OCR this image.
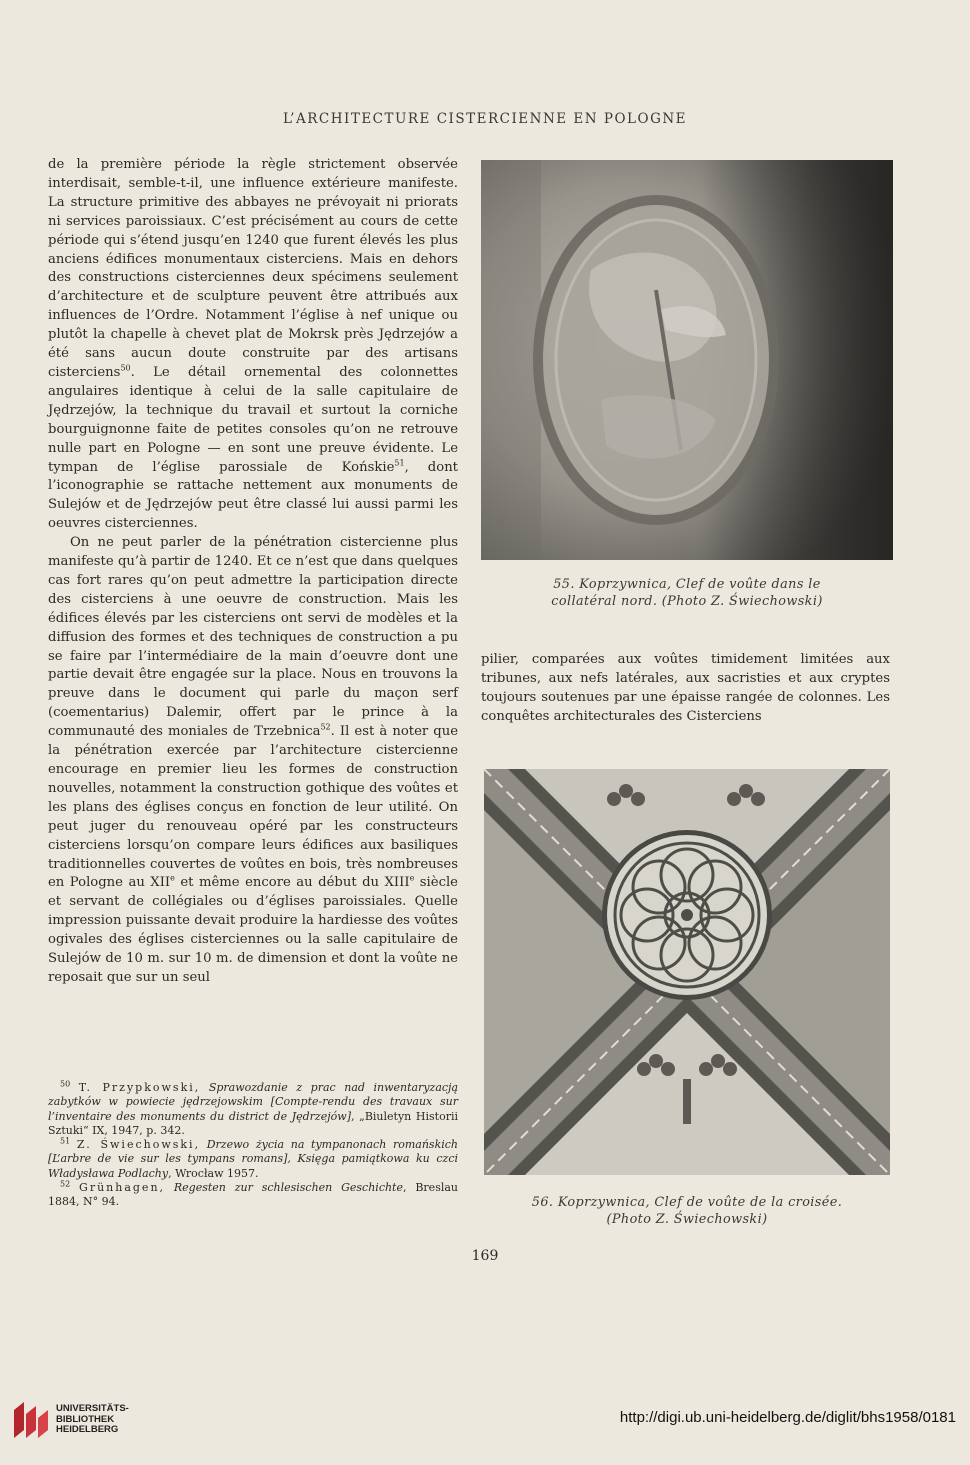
L’ARCHITECTURE CISTERCIENNE EN POLOGNE

de la première période la règle strictement observée interdisait, semble-t-il, une influence extérieure manifeste. La structure primitive des abbayes ne prévoyait ni priorats ni services paroissiaux. C’est précisément au cours de cette période qui s’étend jusqu’en 1240 que furent élevés les plus anciens édifices monumentaux cisterciens. Mais en dehors des constructions cisterciennes deux spécimens seulement d’architecture et de sculpture peuvent être attribués aux influences de l’Ordre. Notamment l’église à nef unique ou plutôt la chapelle à chevet plat de Mokrsk près Jędrzejów a été sans aucun doute construite par des artisans cisterciens$^{50}$. Le détail ornemental des colonnettes angulaires identique à celui de la salle capitulaire de Jędrzejów, la technique du travail et surtout la corniche bourguignonne faite de petites consoles qu’on ne retrouve nulle part en Pologne — en sont une preuve évidente. Le tympan de l’église parossiale de Końskie$^{51}$, dont l’iconographie se rattache nettement aux monuments de Sulejów et de Jędrzejów peut être classé lui aussi parmi les oeuvres cisterciennes.

On ne peut parler de la pénétration cistercienne plus manifeste qu’à partir de 1240. Et ce n’est que dans quelques cas fort rares qu’on peut admettre la participation directe des cisterciens à une oeuvre de construction. Mais les édifices élevés par les cisterciens ont servi de modèles et la diffusion des formes et des techniques de construction a pu se faire par l’intermédiaire de la main d’oeuvre dont une partie devait être engagée sur la place. Nous en trouvons la preuve dans le document qui parle du maçon serf (coementarius) Dalemir, offert par le prince à la communauté des moniales de Trzebnica$^{52}$. Il est à noter que la pénétration exercée par l’architecture cistercienne encourage en premier lieu les formes de construction nouvelles, notamment la construction gothique des voûtes et les plans des églises conçus en fonction de leur utilité. On peut juger du renouveau opéré par les constructeurs cisterciens lorsqu’on compare leurs édifices aux basiliques traditionnelles couvertes de voûtes en bois, très nombreuses en Pologne au XIIe et même encore au début du XIIIe siècle et servant de collégiales ou d’églises paroissiales. Quelle impression puissante devait produire la hardiesse des voûtes ogivales des églises cisterciennes ou la salle capitulaire de Sulejów de 10 m. sur 10 m. de dimension et dont la voûte ne reposait que sur un seul

$^{50}$ T. Przypkowski, Sprawozdanie z prac nad inwentaryzacją zabytków w powiecie jędrzejowskim [Compte-rendu des travaux sur l’inventaire des monuments du district de Jędrzejów], „Biuletyn Historii Sztuki“ IX, 1947, p. 342.

$^{51}$ Z. Świechowski, Drzewo życia na tympanonach romańskich [L’arbre de vie sur les tympans romans], Księga pamiątkowa ku czci Władysława Podlachy, Wrocław 1957.

$^{52}$ Grünhagen, Regesten zur schlesischen Geschichte, Breslau 1884, N° 94.

55. Koprzywnica, Clef de voûte dans le
collatéral nord. (Photo Z. Świechowski)

pilier, comparées aux voûtes timidement limitées aux tribunes, aux nefs latérales, aux sacristies et aux cryptes toujours soutenues par une épaisse rangée de colonnes. Les conquêtes architecturales des Cisterciens

56. Koprzywnica, Clef de voûte de la croisée.
(Photo Z. Świechowski)
169
UNIVERSITÄTS-
BIBLIOTHEK
HEIDELBERG
http://digi.ub.uni-heidelberg.de/diglit/bhs1958/0181
